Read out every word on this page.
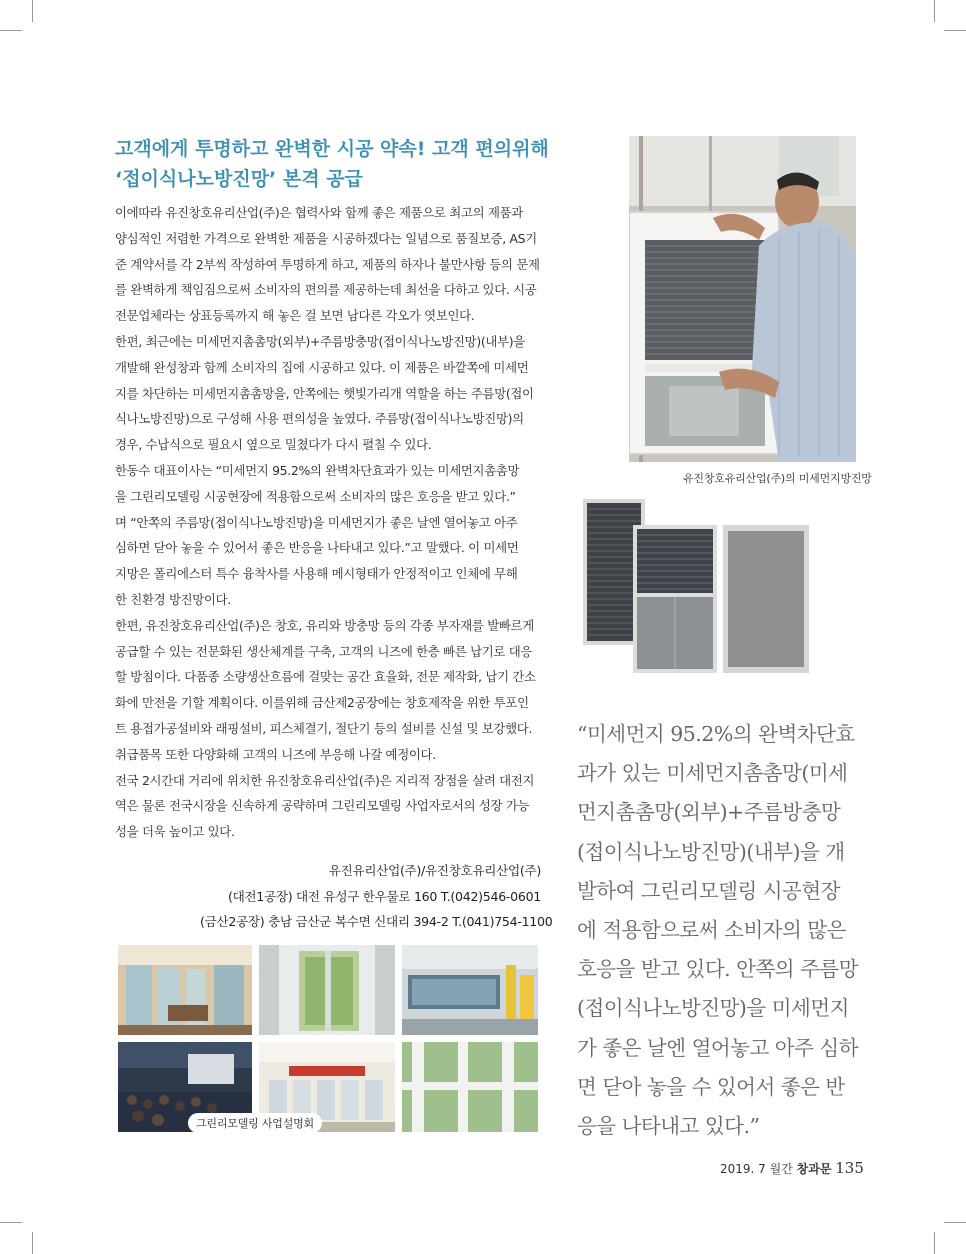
고객에게 투명하고 완벽한 시공 약속! 고객 편의위해
‘접이식나노방진망’ 본격 공급
이에따라 유진창호유리산업(주)은 협력사와 함께 좋은 제품으로 최고의 제품과
양심적인 저렴한 가격으로 완벽한 제품을 시공하겠다는 일념으로 품질보증, AS기
준 계약서를 각 2부씩 작성하여 투명하게 하고, 제품의 하자나 불만사항 등의 문제
를 완벽하게 책임짐으로써 소비자의 편의를 제공하는데 최선을 다하고 있다. 시공
전문업체라는 상표등록까지 해 놓은 걸 보면 남다른 각오가 엿보인다.
한편, 최근에는 미세먼지촘촘망(외부)+주름방충망(접이식나노방진망)(내부)을
개발해 완성창과 함께 소비자의 집에 시공하고 있다. 이 제품은 바깥쪽에 미세먼
지를 차단하는 미세먼지촘촘망을, 안쪽에는 햇빛가리개 역할을 하는 주름망(접이
식나노방진망)으로 구성해 사용 편의성을 높였다. 주름망(접이식나노방진망)의
경우, 수납식으로 필요시 옆으로 밀쳤다가 다시 펼칠 수 있다.
한동수 대표이사는 “미세먼지 95.2%의 완벽차단효과가 있는 미세먼지촘촘망
을 그린리모델링 시공현장에 적용함으로써 소비자의 많은 호응을 받고 있다.”
며 “안쪽의 주름망(접이식나노방진망)을 미세먼지가 좋은 날엔 열어놓고 아주
심하면 닫아 놓을 수 있어서 좋은 반응을 나타내고 있다.”고 말했다. 이 미세먼
지망은 폴리에스터 특수 융착사를 사용해 메시형태가 안정적이고 인체에 무해
한 친환경 방진망이다.
한편, 유진창호유리산업(주)은 창호, 유리와 방충망 등의 각종 부자재를 발빠르게
공급할 수 있는 전문화된 생산체계를 구축, 고객의 니즈에 한층 빠른 납기로 대응
할 방침이다. 다품종 소량생산흐름에 걸맞는 공간 효율화, 전문 제작화, 납기 간소
화에 만전을 기할 계획이다. 이를위해 금산제2공장에는 창호제작을 위한 투포인
트 용접가공설비와 래핑설비, 피스체결기, 절단기 등의 설비를 신설 및 보강했다.
취급품목 또한 다양화해 고객의 니즈에 부응해 나갈 예정이다.
전국 2시간대 거리에 위치한 유진창호유리산업(주)은 지리적 장점을 살려 대전지
역은 물론 전국시장을 신속하게 공략하며 그린리모델링 사업자로서의 성장 가능
성을 더욱 높이고 있다.
유진유리산업(주)/유진창호유리산업(주)
(대전1공장) 대전 유성구 한우물로 160 T.(042)546-0601
(금산2공장) 충남 금산군 복수면 신대리 394-2 T.(041)754-1100
유진창호유리산업(주)의 미세먼지방진망
“미세먼지 95.2%의 완벽차단효
과가 있는 미세먼지촘촘망(미세
먼지촘촘망(외부)+주름방충망
(접이식나노방진망)(내부)을 개
발하여 그린리모델링 시공현장
에 적용함으로써 소비자의 많은
호응을 받고 있다. 안쪽의 주름망
(접이식나노방진망)을 미세먼지
가 좋은 날엔 열어놓고 아주 심하
면 닫아 놓을 수 있어서 좋은 반
응을 나타내고 있다.”
그린리모델링 사업설명회
2019. 7 월간 창과문 135
